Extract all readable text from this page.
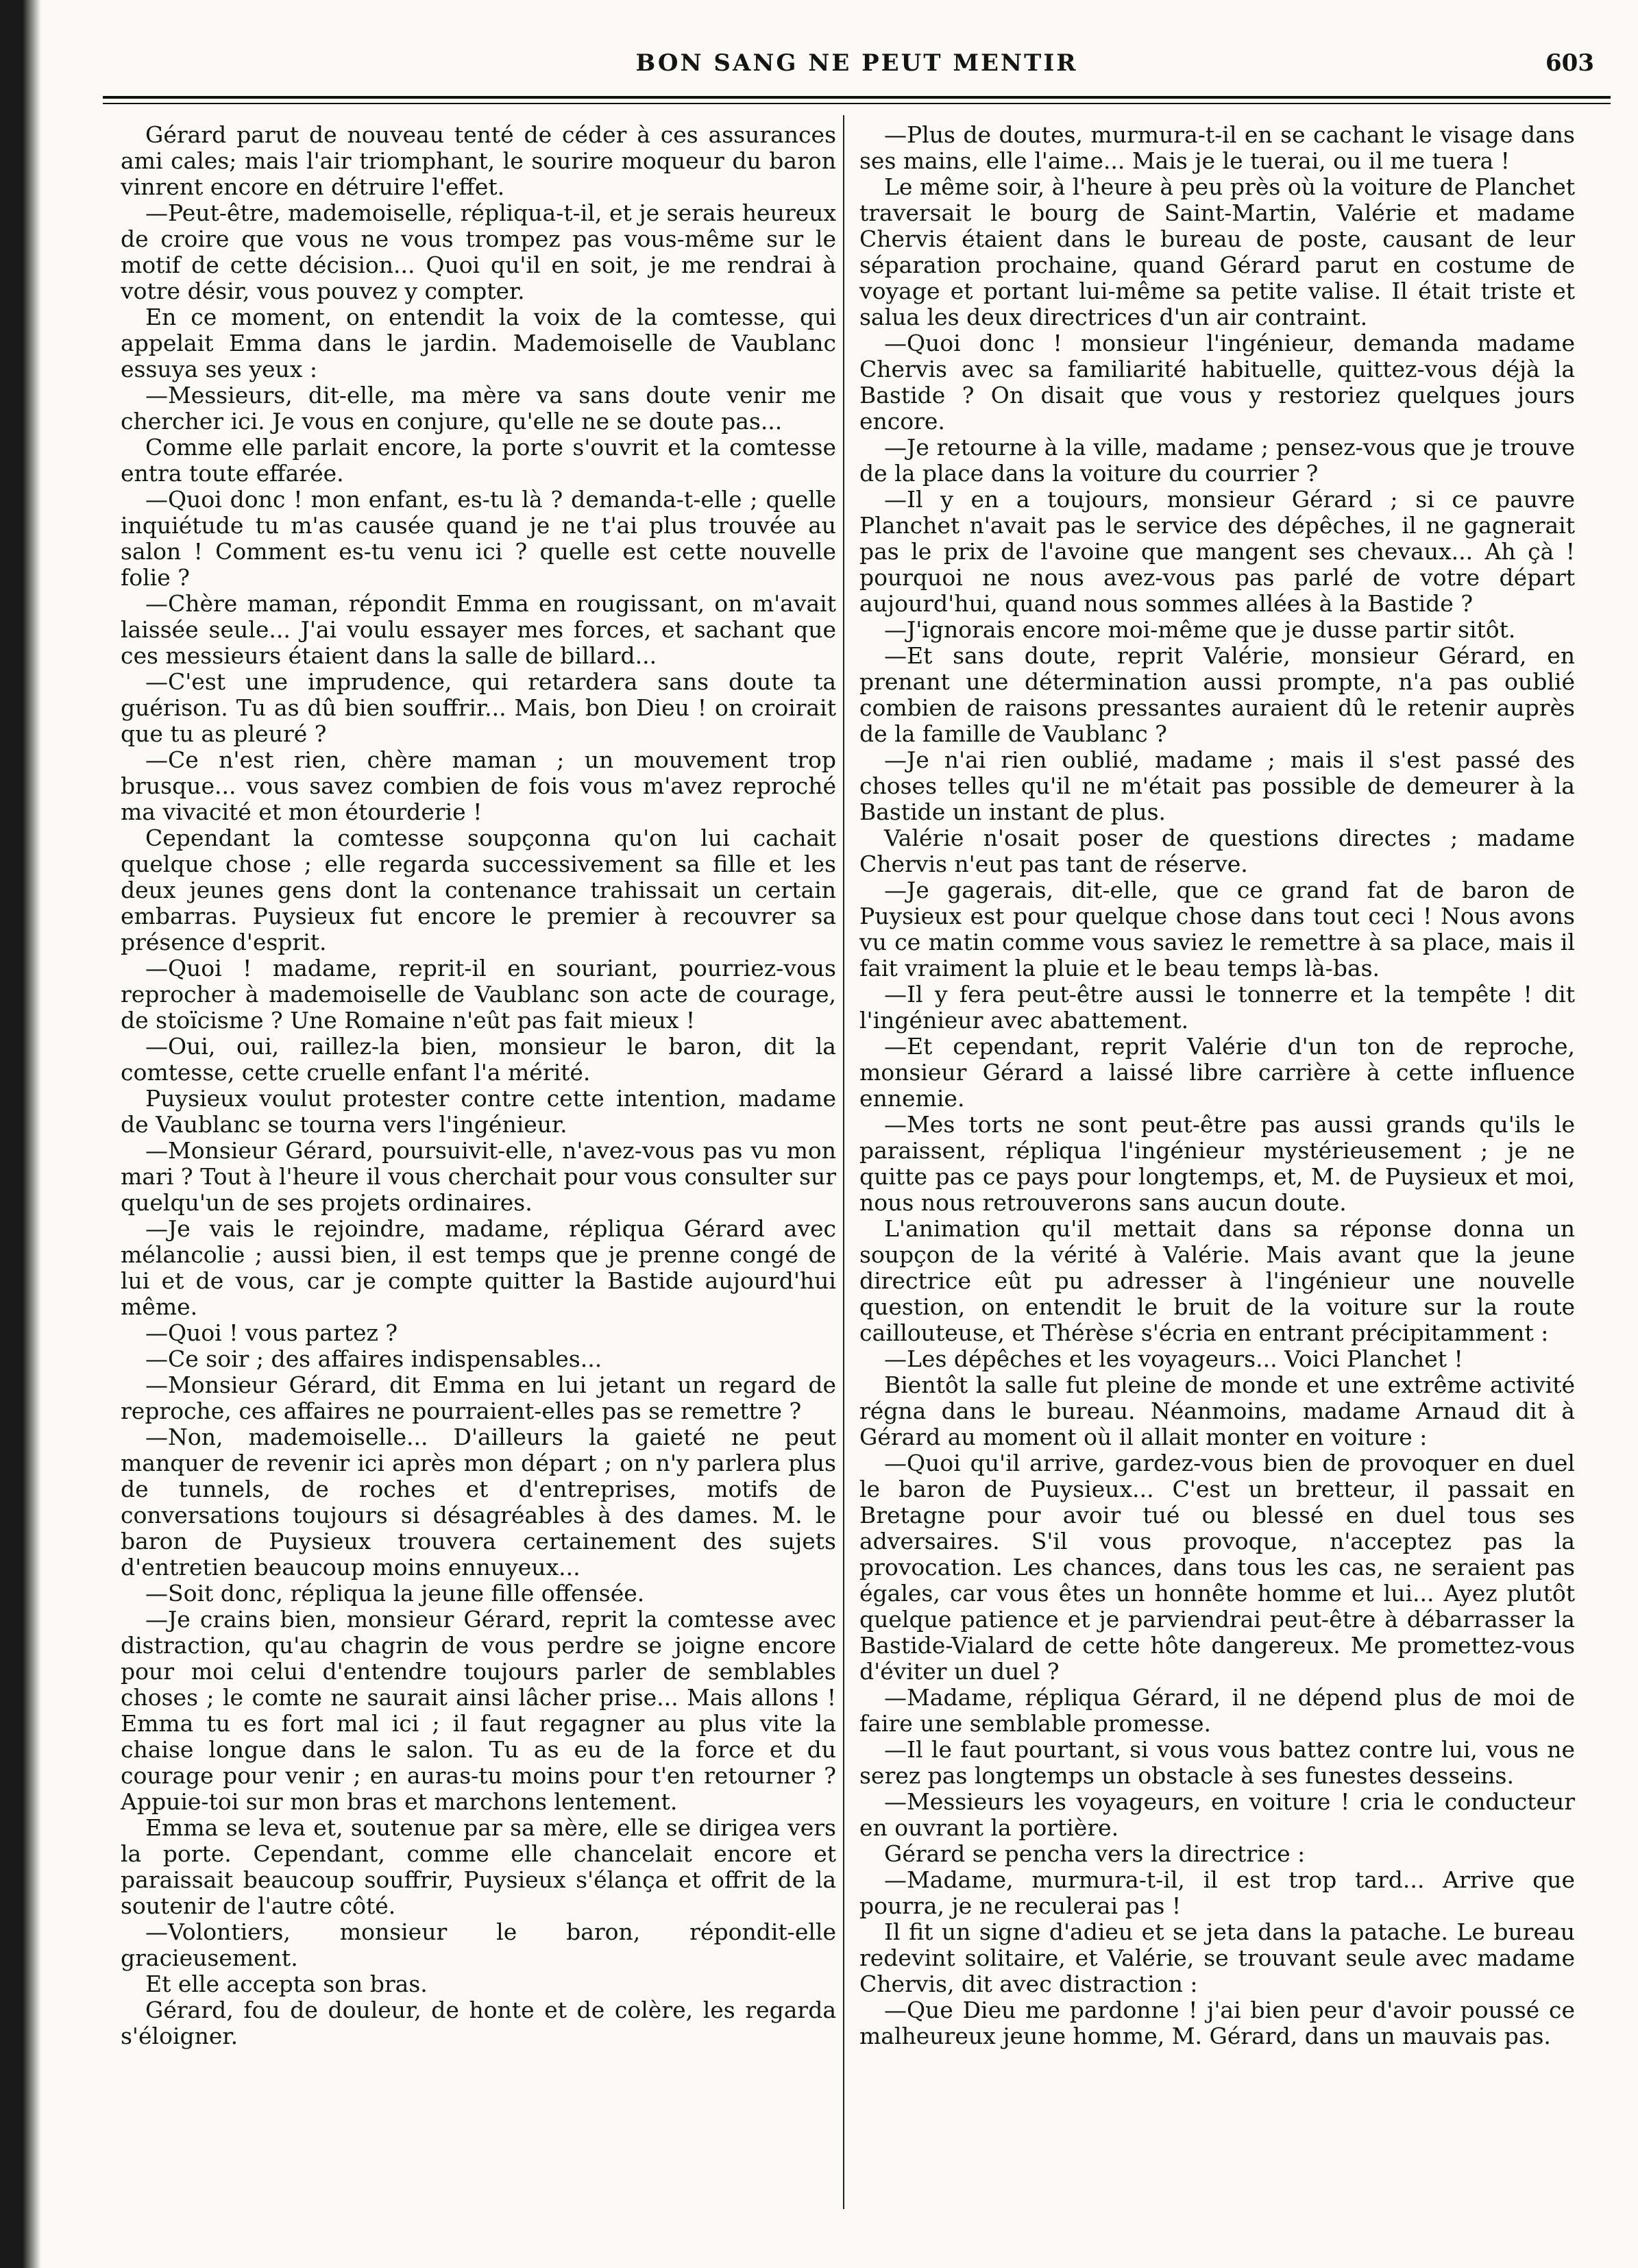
BON SANG NE PEUT MENTIR	603

Gérard parut de nouveau tenté de céder à ces assurances ami cales; mais l'air triomphant, le sourire moqueur du baron vinrent encore en détruire l'effet.

—Peut-être, mademoiselle, répliqua-t-il, et je serais heureux de croire que vous ne vous trompez pas vous-même sur le motif de cette décision... Quoi qu'il en soit, je me rendrai à votre désir, vous pouvez y compter.

En ce moment, on entendit la voix de la comtesse, qui appelait Emma dans le jardin. Mademoiselle de Vaublanc essuya ses yeux :

—Messieurs, dit-elle, ma mère va sans doute venir me chercher ici. Je vous en conjure, qu'elle ne se doute pas...

Comme elle parlait encore, la porte s'ouvrit et la comtesse entra toute effarée.

—Quoi donc ! mon enfant, es-tu là ? demanda-t-elle ; quelle inquiétude tu m'as causée quand je ne t'ai plus trouvée au salon ! Comment es-tu venu ici ? quelle est cette nouvelle folie ?

—Chère maman, répondit Emma en rougissant, on m'avait laissée seule... J'ai voulu essayer mes forces, et sachant que ces messieurs étaient dans la salle de billard...

—C'est une imprudence, qui retardera sans doute ta guérison. Tu as dû bien souffrir... Mais, bon Dieu ! on croirait que tu as pleuré ?

—Ce n'est rien, chère maman ; un mouvement trop brusque... vous savez combien de fois vous m'avez reproché ma vivacité et mon étourderie !

Cependant la comtesse soupçonna qu'on lui cachait quelque chose ; elle regarda successivement sa fille et les deux jeunes gens dont la contenance trahissait un certain embarras. Puysieux fut encore le premier à recouvrer sa présence d'esprit.

—Quoi ! madame, reprit-il en souriant, pourriez-vous reprocher à mademoiselle de Vaublanc son acte de courage, de stoïcisme ? Une Romaine n'eût pas fait mieux !

—Oui, oui, raillez-la bien, monsieur le baron, dit la comtesse, cette cruelle enfant l'a mérité.

Puysieux voulut protester contre cette intention, madame de Vaublanc se tourna vers l'ingénieur.

—Monsieur Gérard, poursuivit-elle, n'avez-vous pas vu mon mari ? Tout à l'heure il vous cherchait pour vous consulter sur quelqu'un de ses projets ordinaires.

—Je vais le rejoindre, madame, répliqua Gérard avec mélancolie ; aussi bien, il est temps que je prenne congé de lui et de vous, car je compte quitter la Bastide aujourd'hui même.

—Quoi ! vous partez ?

—Ce soir ; des affaires indispensables...

—Monsieur Gérard, dit Emma en lui jetant un regard de reproche, ces affaires ne pourraient-elles pas se remettre ?

—Non, mademoiselle... D'ailleurs la gaieté ne peut manquer de revenir ici après mon départ ; on n'y parlera plus de tunnels, de roches et d'entreprises, motifs de conversations toujours si désagréables à des dames. M. le baron de Puysieux trouvera certainement des sujets d'entretien beaucoup moins ennuyeux...

—Soit donc, répliqua la jeune fille offensée.

—Je crains bien, monsieur Gérard, reprit la comtesse avec distraction, qu'au chagrin de vous perdre se joigne encore pour moi celui d'entendre toujours parler de semblables choses ; le comte ne saurait ainsi lâcher prise... Mais allons ! Emma tu es fort mal ici ; il faut regagner au plus vite la chaise longue dans le salon. Tu as eu de la force et du courage pour venir ; en auras-tu moins pour t'en retourner ? Appuie-toi sur mon bras et marchons lentement.

Emma se leva et, soutenue par sa mère, elle se dirigea vers la porte. Cependant, comme elle chancelait encore et paraissait beaucoup souffrir, Puysieux s'élança et offrit de la soutenir de l'autre côté.

—Volontiers, monsieur le baron, répondit-elle gracieusement.

Et elle accepta son bras.

Gérard, fou de douleur, de honte et de colère, les regarda s'éloigner.

—Plus de doutes, murmura-t-il en se cachant le visage dans ses mains, elle l'aime... Mais je le tuerai, ou il me tuera !

Le même soir, à l'heure à peu près où la voiture de Planchet traversait le bourg de Saint-Martin, Valérie et madame Chervis étaient dans le bureau de poste, causant de leur séparation prochaine, quand Gérard parut en costume de voyage et portant lui-même sa petite valise. Il était triste et salua les deux directrices d'un air contraint.

—Quoi donc ! monsieur l'ingénieur, demanda madame Chervis avec sa familiarité habituelle, quittez-vous déjà la Bastide ? On disait que vous y restoriez quelques jours encore.

—Je retourne à la ville, madame ; pensez-vous que je trouve de la place dans la voiture du courrier ?

—Il y en a toujours, monsieur Gérard ; si ce pauvre Planchet n'avait pas le service des dépêches, il ne gagnerait pas le prix de l'avoine que mangent ses chevaux... Ah çà ! pourquoi ne nous avez-vous pas parlé de votre départ aujourd'hui, quand nous sommes allées à la Bastide ?

—J'ignorais encore moi-même que je dusse partir sitôt.

—Et sans doute, reprit Valérie, monsieur Gérard, en prenant une détermination aussi prompte, n'a pas oublié combien de raisons pressantes auraient dû le retenir auprès de la famille de Vaublanc ?

—Je n'ai rien oublié, madame ; mais il s'est passé des choses telles qu'il ne m'était pas possible de demeurer à la Bastide un instant de plus.

Valérie n'osait poser de questions directes ; madame Chervis n'eut pas tant de réserve.

—Je gagerais, dit-elle, que ce grand fat de baron de Puysieux est pour quelque chose dans tout ceci ! Nous avons vu ce matin comme vous saviez le remettre à sa place, mais il fait vraiment la pluie et le beau temps là-bas.

—Il y fera peut-être aussi le tonnerre et la tempête ! dit l'ingénieur avec abattement.

—Et cependant, reprit Valérie d'un ton de reproche, monsieur Gérard a laissé libre carrière à cette influence ennemie.

—Mes torts ne sont peut-être pas aussi grands qu'ils le paraissent, répliqua l'ingénieur mystérieusement ; je ne quitte pas ce pays pour longtemps, et, M. de Puysieux et moi, nous nous retrouverons sans aucun doute.

L'animation qu'il mettait dans sa réponse donna un soupçon de la vérité à Valérie. Mais avant que la jeune directrice eût pu adresser à l'ingénieur une nouvelle question, on entendit le bruit de la voiture sur la route caillouteuse, et Thérèse s'écria en entrant précipitamment :

—Les dépêches et les voyageurs... Voici Planchet !

Bientôt la salle fut pleine de monde et une extrême activité régna dans le bureau. Néanmoins, madame Arnaud dit à Gérard au moment où il allait monter en voiture :

—Quoi qu'il arrive, gardez-vous bien de provoquer en duel le baron de Puysieux... C'est un bretteur, il passait en Bretagne pour avoir tué ou blessé en duel tous ses adversaires. S'il vous provoque, n'acceptez pas la provocation. Les chances, dans tous les cas, ne seraient pas égales, car vous êtes un honnête homme et lui... Ayez plutôt quelque patience et je parviendrai peut-être à débarrasser la Bastide-Vialard de cette hôte dangereux. Me promettez-vous d'éviter un duel ?

—Madame, répliqua Gérard, il ne dépend plus de moi de faire une semblable promesse.

—Il le faut pourtant, si vous vous battez contre lui, vous ne serez pas longtemps un obstacle à ses funestes desseins.

—Messieurs les voyageurs, en voiture ! cria le conducteur en ouvrant la portière.

Gérard se pencha vers la directrice :

—Madame, murmura-t-il, il est trop tard... Arrive que pourra, je ne reculerai pas !

Il fit un signe d'adieu et se jeta dans la patache. Le bureau redevint solitaire, et Valérie, se trouvant seule avec madame Chervis, dit avec distraction :

—Que Dieu me pardonne ! j'ai bien peur d'avoir poussé ce malheureux jeune homme, M. Gérard, dans un mauvais pas.
